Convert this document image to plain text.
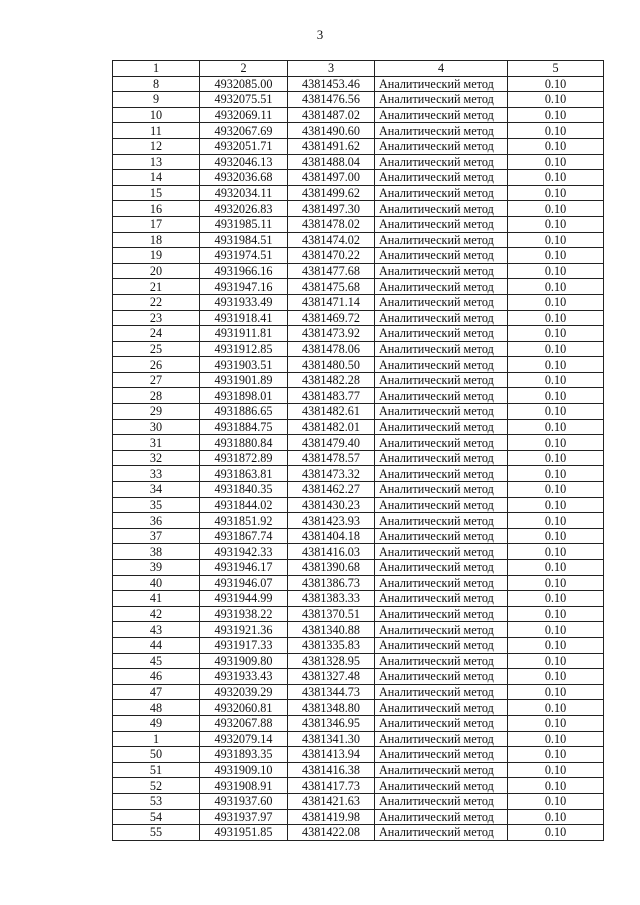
3
1	2	3	4	5
8	4932085.00	4381453.46	Аналитический метод	0.10
9	4932075.51	4381476.56	Аналитический метод	0.10
10	4932069.11	4381487.02	Аналитический метод	0.10
11	4932067.69	4381490.60	Аналитический метод	0.10
12	4932051.71	4381491.62	Аналитический метод	0.10
13	4932046.13	4381488.04	Аналитический метод	0.10
14	4932036.68	4381497.00	Аналитический метод	0.10
15	4932034.11	4381499.62	Аналитический метод	0.10
16	4932026.83	4381497.30	Аналитический метод	0.10
17	4931985.11	4381478.02	Аналитический метод	0.10
18	4931984.51	4381474.02	Аналитический метод	0.10
19	4931974.51	4381470.22	Аналитический метод	0.10
20	4931966.16	4381477.68	Аналитический метод	0.10
21	4931947.16	4381475.68	Аналитический метод	0.10
22	4931933.49	4381471.14	Аналитический метод	0.10
23	4931918.41	4381469.72	Аналитический метод	0.10
24	4931911.81	4381473.92	Аналитический метод	0.10
25	4931912.85	4381478.06	Аналитический метод	0.10
26	4931903.51	4381480.50	Аналитический метод	0.10
27	4931901.89	4381482.28	Аналитический метод	0.10
28	4931898.01	4381483.77	Аналитический метод	0.10
29	4931886.65	4381482.61	Аналитический метод	0.10
30	4931884.75	4381482.01	Аналитический метод	0.10
31	4931880.84	4381479.40	Аналитический метод	0.10
32	4931872.89	4381478.57	Аналитический метод	0.10
33	4931863.81	4381473.32	Аналитический метод	0.10
34	4931840.35	4381462.27	Аналитический метод	0.10
35	4931844.02	4381430.23	Аналитический метод	0.10
36	4931851.92	4381423.93	Аналитический метод	0.10
37	4931867.74	4381404.18	Аналитический метод	0.10
38	4931942.33	4381416.03	Аналитический метод	0.10
39	4931946.17	4381390.68	Аналитический метод	0.10
40	4931946.07	4381386.73	Аналитический метод	0.10
41	4931944.99	4381383.33	Аналитический метод	0.10
42	4931938.22	4381370.51	Аналитический метод	0.10
43	4931921.36	4381340.88	Аналитический метод	0.10
44	4931917.33	4381335.83	Аналитический метод	0.10
45	4931909.80	4381328.95	Аналитический метод	0.10
46	4931933.43	4381327.48	Аналитический метод	0.10
47	4932039.29	4381344.73	Аналитический метод	0.10
48	4932060.81	4381348.80	Аналитический метод	0.10
49	4932067.88	4381346.95	Аналитический метод	0.10
1	4932079.14	4381341.30	Аналитический метод	0.10
50	4931893.35	4381413.94	Аналитический метод	0.10
51	4931909.10	4381416.38	Аналитический метод	0.10
52	4931908.91	4381417.73	Аналитический метод	0.10
53	4931937.60	4381421.63	Аналитический метод	0.10
54	4931937.97	4381419.98	Аналитический метод	0.10
55	4931951.85	4381422.08	Аналитический метод	0.10
